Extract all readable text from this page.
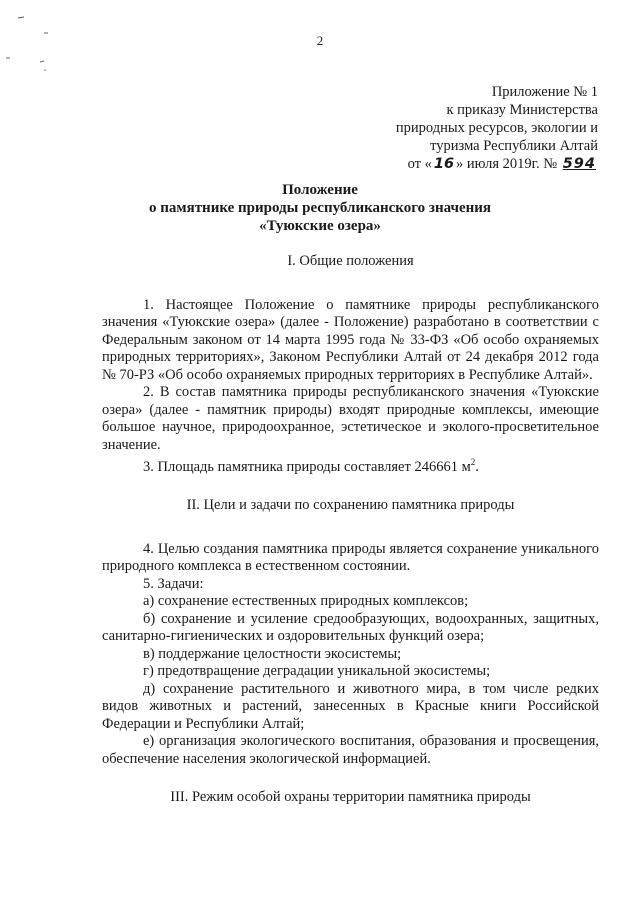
2
Приложение № 1
к приказу Министерства
природных ресурсов, экологии и
туризма Республики Алтай
от « 16 » июля 2019г. № 594
Положение
о памятнике природы республиканского значения
«Туюкские озера»
I. Общие положения

1. Настоящее Положение о памятнике природы республиканского значения «Туюкские озера» (далее - Положение) разработано в соответствии с Федеральным законом от 14 марта 1995 года № 33-ФЗ «Об особо охраняемых природных территориях», Законом Республики Алтай от 24 декабря 2012 года № 70-РЗ «Об особо охраняемых природных территориях в Республике Алтай».

2. В состав памятника природы республиканского значения «Туюкские озера» (далее - памятник природы) входят природные комплексы, имеющие большое научное, природоохранное, эстетическое и эколого-просветительное значение.

3. Площадь памятника природы составляет 246661 $м^2$.

II. Цели и задачи по сохранению памятника природы

4. Целью создания памятника природы является сохранение уникального природного комплекса в естественном состоянии.

5. Задачи:

а) сохранение естественных природных комплексов;

б) сохранение и усиление средообразующих, водоохранных, защитных, санитарно-гигиенических и оздоровительных функций озера;

в) поддержание целостности экосистемы;

г) предотвращение деградации уникальной экосистемы;

д) сохранение растительного и животного мира, в том числе редких видов животных и растений, занесенных в Красные книги Российской Федерации и Республики Алтай;

е) организация экологического воспитания, образования и просвещения, обеспечение населения экологической информацией.

III. Режим особой охраны территории памятника природы
